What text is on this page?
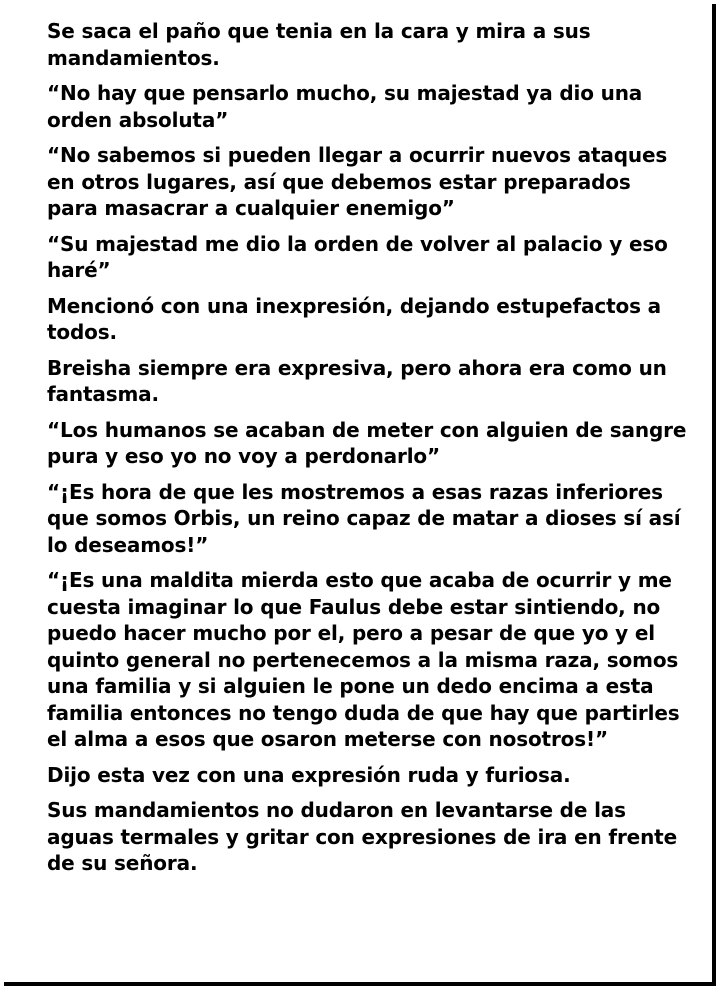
Se saca el paño que tenia en la cara y mira a sus mandamientos.

“No hay que pensarlo mucho, su majestad ya dio una orden absoluta”

“No sabemos si pueden llegar a ocurrir nuevos ataques en otros lugares, así que debemos estar preparados para masacrar a cualquier enemigo”

“Su majestad me dio la orden de volver al palacio y eso haré”

Mencionó con una inexpresión, dejando estupefactos a todos.

Breisha siempre era expresiva, pero ahora era como un fantasma.

“Los humanos se acaban de meter con alguien de sangre pura y eso yo no voy a perdonarlo”

“¡Es hora de que les mostremos a esas razas inferiores que somos Orbis, un reino capaz de matar a dioses sí así lo deseamos!”

“¡Es una maldita mierda esto que acaba de ocurrir y me cuesta imaginar lo que Faulus debe estar sintiendo, no puedo hacer mucho por el, pero a pesar de que yo y el quinto general no pertenecemos a la misma raza, somos una familia y si alguien le pone un dedo encima a esta familia entonces no tengo duda de que hay que partirles el alma a esos que osaron meterse con nosotros!”

Dijo esta vez con una expresión ruda y furiosa.

Sus mandamientos no dudaron en levantarse de las aguas termales y gritar con expresiones de ira en frente de su señora.
